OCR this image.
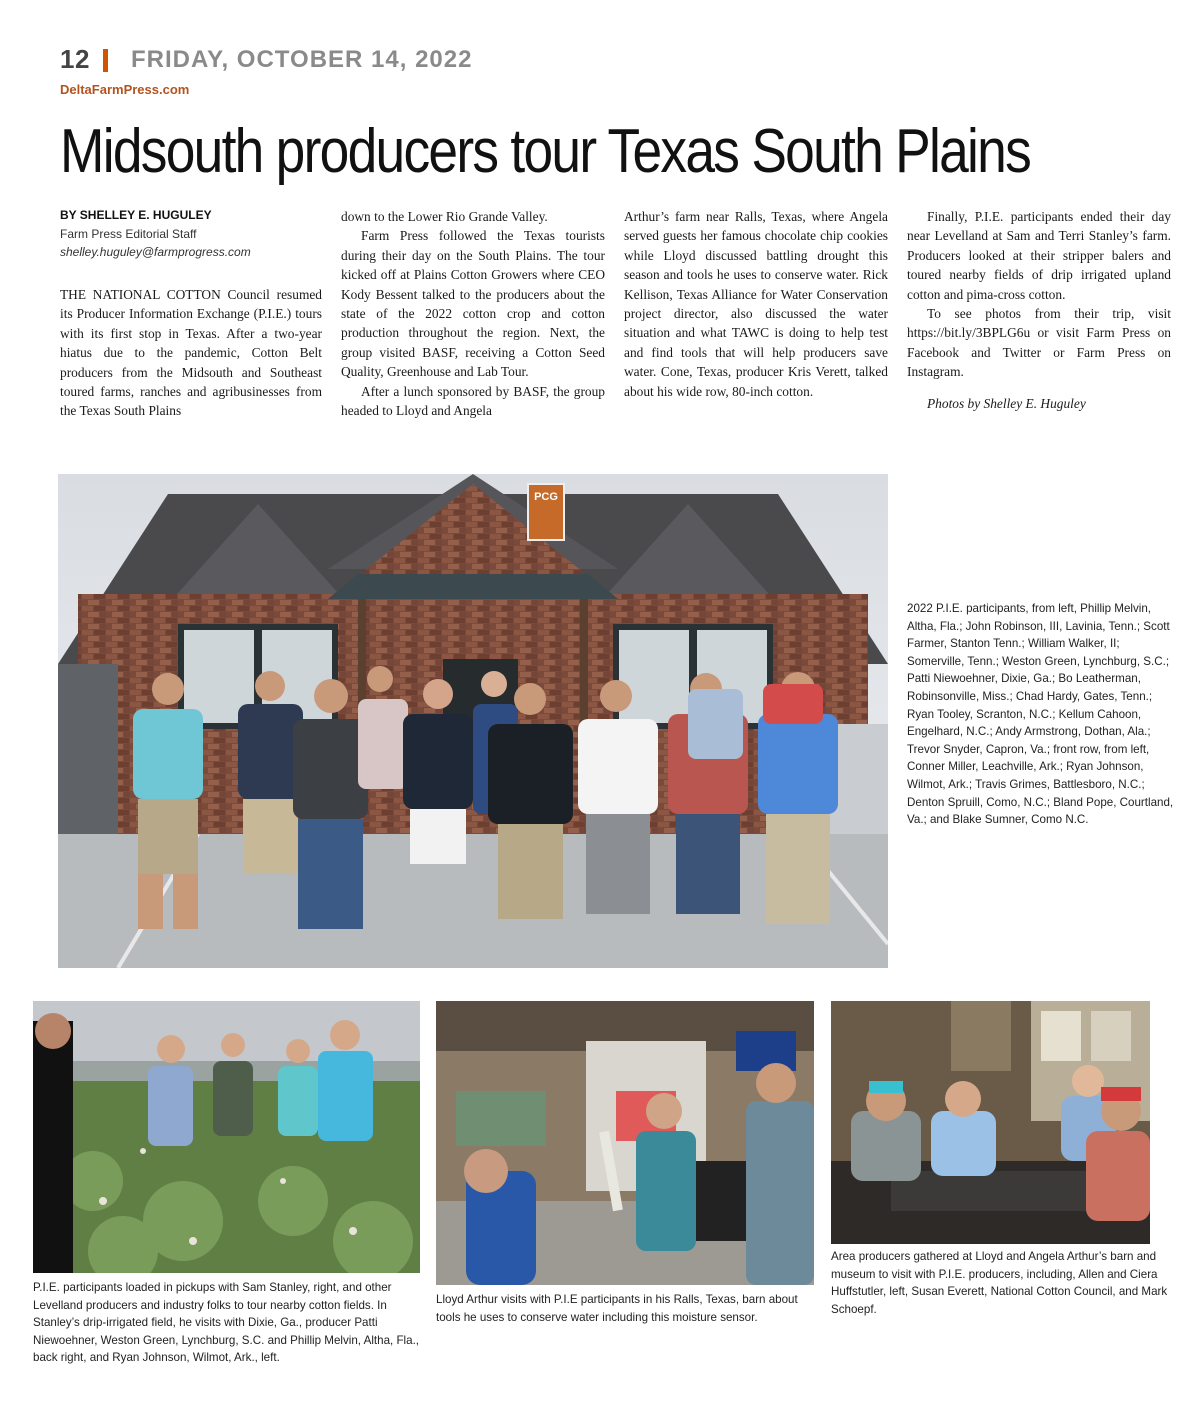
12 FRIDAY, OCTOBER 14, 2022
DeltaFarmPress.com
Midsouth producers tour Texas South Plains
BY SHELLEY E. HUGULEY
Farm Press Editorial Staff
shelley.huguley@farmprogress.com

THE NATIONAL COTTON Council resumed its Producer Information Exchange (P.I.E.) tours with its first stop in Texas. After a two-year hiatus due to the pandemic, Cotton Belt producers from the Midsouth and Southeast toured farms, ranches and agribusinesses from the Texas South Plains

down to the Lower Rio Grande Valley.

Farm Press followed the Texas tourists during their day on the South Plains. The tour kicked off at Plains Cotton Growers where CEO Kody Bessent talked to the producers about the state of the 2022 cotton crop and cotton production throughout the region. Next, the group visited BASF, receiving a Cotton Seed Quality, Greenhouse and Lab Tour.

After a lunch sponsored by BASF, the group headed to Lloyd and Angela

Arthur’s farm near Ralls, Texas, where Angela served guests her famous chocolate chip cookies while Lloyd discussed battling drought this season and tools he uses to conserve water. Rick Kellison, Texas Alliance for Water Conservation project director, also discussed the water situation and what TAWC is doing to help test and find tools that will help producers save water. Cone, Texas, producer Kris Verett, talked about his wide row, 80-inch cotton.

Finally, P.I.E. participants ended their day near Levelland at Sam and Terri Stanley’s farm. Producers looked at their stripper balers and toured nearby fields of drip irrigated upland cotton and pima-cross cotton.

To see photos from their trip, visit https://bit.ly/3BPLG6u or visit Farm Press on Facebook and Twitter or Farm Press on Instagram.

Photos by Shelley E. Huguley

PCG
2022 P.I.E. participants, from left, Phillip Melvin, Altha, Fla.; John Robinson, III, Lavinia, Tenn.; Scott Farmer, Stanton Tenn.; William Walker, II; Somerville, Tenn.; Weston Green, Lynchburg, S.C.; Patti Niewoehner, Dixie, Ga.; Bo Leatherman, Robinsonville, Miss.; Chad Hardy, Gates, Tenn.; Ryan Tooley, Scranton, N.C.; Kellum Cahoon, Engelhard, N.C.; Andy Armstrong, Dothan, Ala.; Trevor Snyder, Capron, Va.; front row, from left, Conner Miller, Leachville, Ark.; Ryan Johnson, Wilmot, Ark.; Travis Grimes, Battlesboro, N.C.; Denton Spruill, Como, N.C.; Bland Pope, Courtland, Va.; and Blake Sumner, Como N.C.
P.I.E. participants loaded in pickups with Sam Stanley, right, and other Levelland producers and industry folks to tour nearby cotton fields. In Stanley’s drip-irrigated field, he visits with Dixie, Ga., producer Patti Niewoehner, Weston Green, Lynchburg, S.C. and Phillip Melvin, Altha, Fla., back right, and Ryan Johnson, Wilmot, Ark., left.
Lloyd Arthur visits with P.I.E participants in his Ralls, Texas, barn about tools he uses to conserve water including this moisture sensor.
Area producers gathered at Lloyd and Angela Arthur’s barn and museum to visit with P.I.E. producers, including, Allen and Ciera Huffstutler, left, Susan Everett, National Cotton Council, and Mark Schoepf.
